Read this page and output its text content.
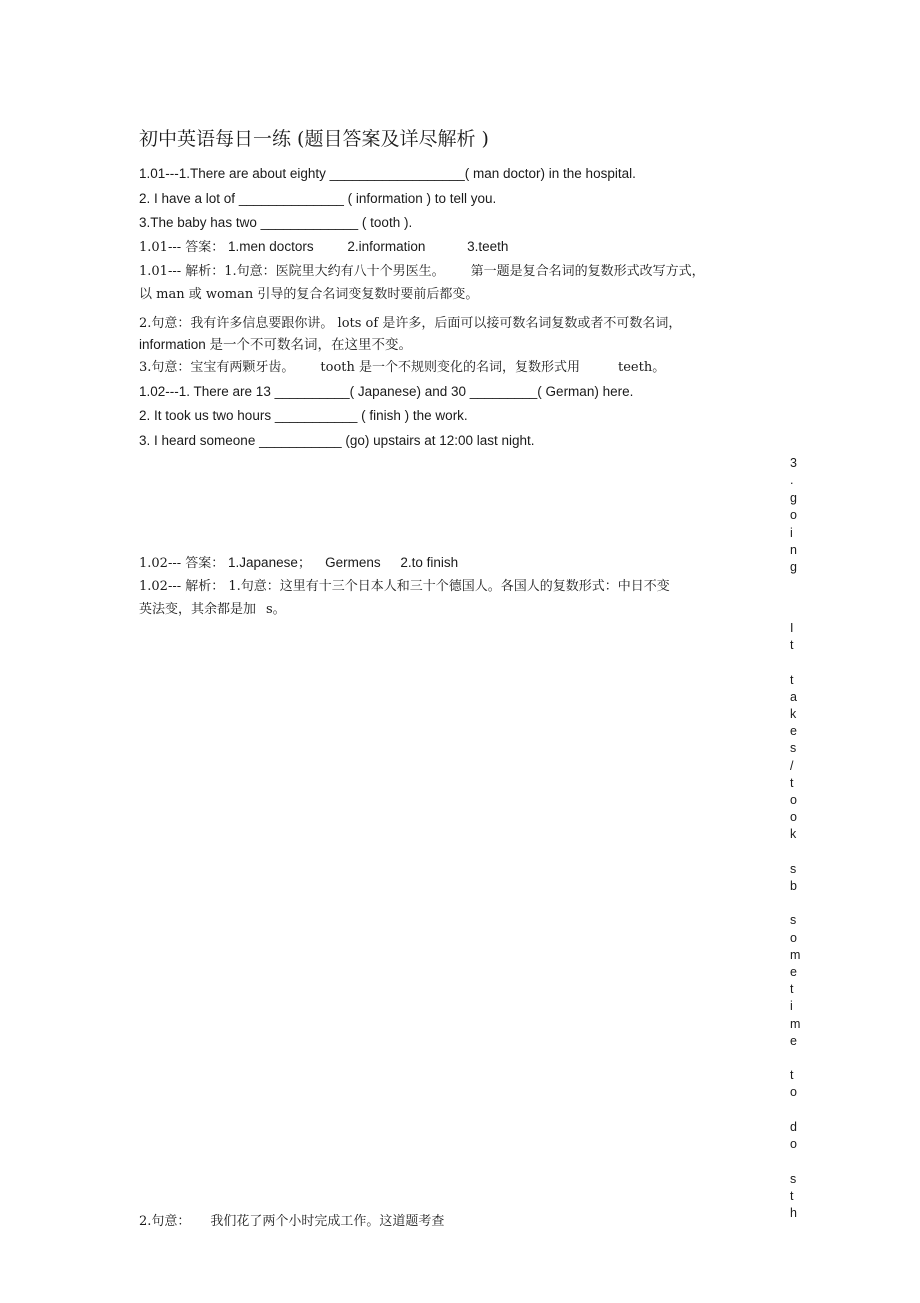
初中英语每日一练 (题目答案及详尽解析 )
1.01---1.There are about eighty __________________( man doctor) in the hospital.
2. I have a lot of ______________ ( information ) to tell you.
3.The baby has two _____________ ( tooth ).
1.01--- 答案： 1.men doctors	2.information	3.teeth
1.01--- 解析：1.句意：医院里大约有八十个男医生。 第一题是复合名词的复数形式改写方式，
以 man 或 woman 引导的复合名词变复数时要前后都变。
2.句意：我有许多信息要跟你讲。 lots of 是许多，后面可以接可数名词复数或者不可数名词，
information 是一个不可数名词，在这里不变。
3.句意：宝宝有两颗牙齿。 tooth 是一个不规则变化的名词，复数形式用	teeth。
1.02---1. There are 13 __________( Japanese) and 30 _________( German) here.
2. It took us two hours ___________ ( finish ) the work.
3. I heard someone ___________ (go) upstairs at 12:00 last night.
1.02--- 答案： 1.Japanese； Germens 2.to finish
1.02--- 解析： 1.句意：这里有十三个日本人和三十个德国人。各国人的复数形式：中日不变
英法变，其余都是加 s。
2.句意： 我们花了两个小时完成工作。这道题考查
3
.
g
o
i
n
g
I
t

t
a
k
e
s
/
t
o
o
k

s
b

s
o
m
e
t
i
m
e

t
o

d
o

s
t
h
